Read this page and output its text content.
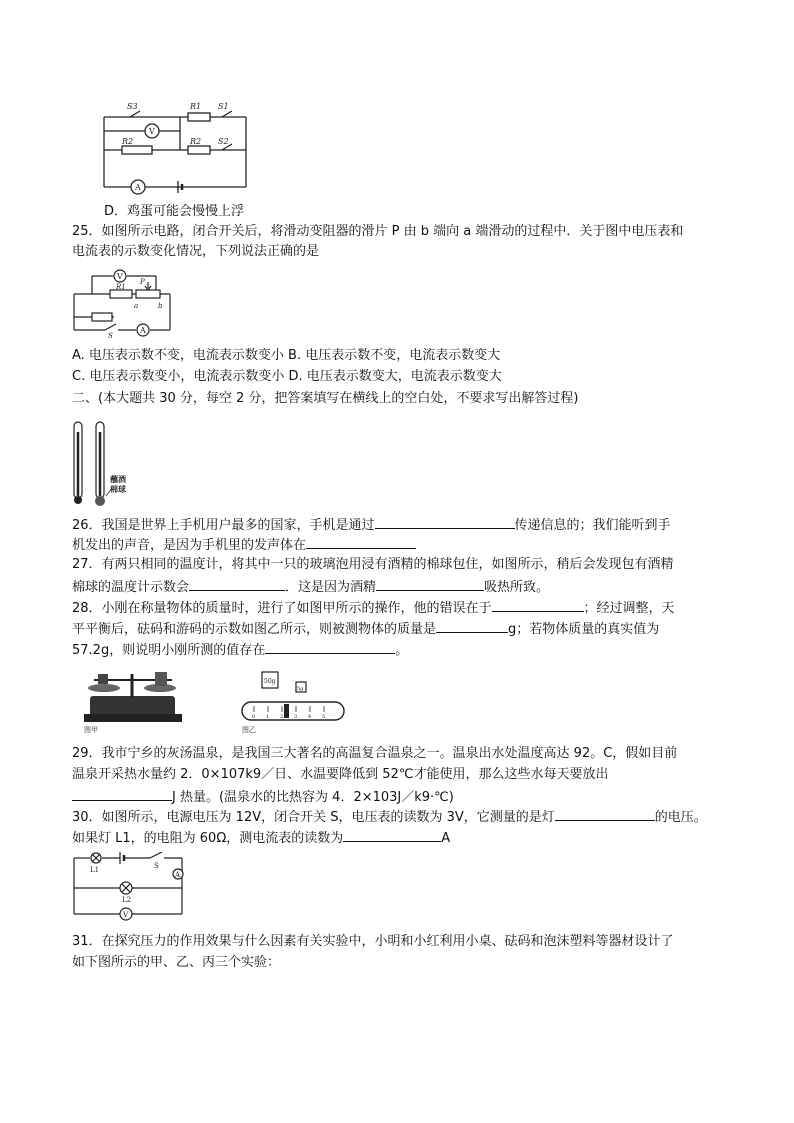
S3	R1 S1
R2	R2 S2
V
A
D．鸡蛋可能会慢慢上浮
25．如图所示电路，闭合开关后，将滑动变阻器的滑片 P 由 b 端向 a 端滑动的过程中．关于图中电压表和
电流表的示数变化情况，下列说法正确的是
V
A
R1
P
a	b
S
A. 电压表示数不变，电流表示数变小 B. 电压表示数不变，电流表示数变大
C. 电压表示数变小，电流表示数变小 D. 电压表示数变大，电流表示数变大
二、(本大题共 30 分，每空 2 分，把答案填写在横线上的空白处，不要求写出解答过程)
蘸酒
棉球
26．我国是世界上手机用户最多的国家，手机是通过	传递信息的；我们能听到手
机发出的声音，是因为手机里的发声体在
27．有两只相同的温度计，将其中一只的玻璃泡用浸有酒精的棉球包住，如图所示，稍后会发现包有酒精
棉球的温度计示数会	．这是因为酒精	吸热所致。
28．小刚在称量物体的质量时，进行了如图甲所示的操作，他的错误在于	；经过调整，天
平平衡后，砝码和游码的示数如图乙所示，则被测物体的质量是	g；若物体质量的真实值为
57.2g，则说明小刚所测的值存在	。
图甲
50g
5g
0 1 2 3 4 5
图乙
29．我市宁乡的灰汤温泉，是我国三大著名的高温复合温泉之一。温泉出水处温度高达 92。C，假如目前
温泉开采热水量约 2．0×107k9／日、水温要降低到 52℃才能使用，那么这些水每天要放出
J 热量。(温泉水的比热容为 4．2×103J／k9·℃)
30．如图所示，电源电压为 12V，闭合开关 S，电压表的读数为 3V，它测量的是灯	的电压。
如果灯 L1，的电阻为 60Ω，测电流表的读数为	A
L1	S
A
L2
V
31．在探究压力的作用效果与什么因素有关实验中，小明和小红利用小桌、砝码和泡沫塑料等器材设计了
如下图所示的甲、乙、丙三个实验：
